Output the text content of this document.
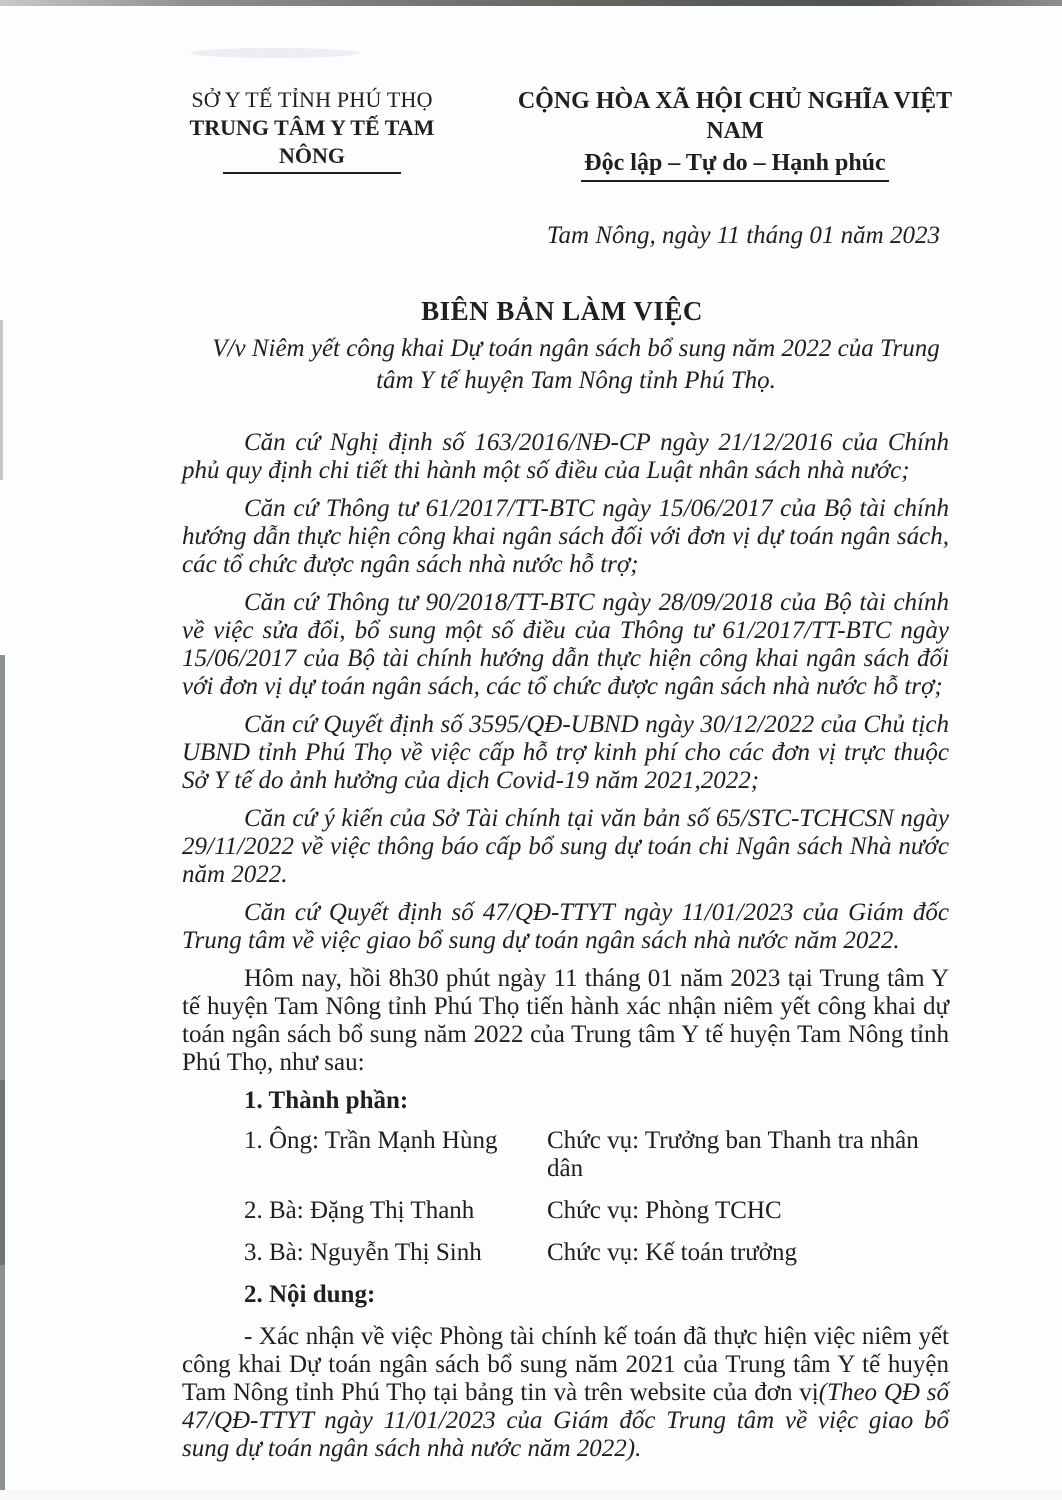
SỞ Y TẾ TỈNH PHÚ THỌ
TRUNG TÂM Y TẾ TAM NÔNG
CỘNG HÒA XÃ HỘI CHỦ NGHĨA VIỆT NAM
Độc lập – Tự do – Hạnh phúc
Tam Nông, ngày 11 tháng 01 năm 2023
BIÊN BẢN LÀM VIỆC
V/v Niêm yết công khai Dự toán ngân sách bổ sung năm 2022 của Trung tâm Y tế huyện Tam Nông tỉnh Phú Thọ.

Căn cứ Nghị định số 163/2016/NĐ-CP ngày 21/12/2016 của Chính phủ quy định chi tiết thi hành một số điều của Luật nhân sách nhà nước;

Căn cứ Thông tư 61/2017/TT-BTC ngày 15/06/2017 của Bộ tài chính hướng dẫn thực hiện công khai ngân sách đối với đơn vị dự toán ngân sách, các tổ chức được ngân sách nhà nước hỗ trợ;

Căn cứ Thông tư 90/2018/TT-BTC ngày 28/09/2018 của Bộ tài chính về việc sửa đổi, bổ sung một số điều của Thông tư 61/2017/TT-BTC ngày 15/06/2017 của Bộ tài chính hướng dẫn thực hiện công khai ngân sách đối với đơn vị dự toán ngân sách, các tổ chức được ngân sách nhà nước hỗ trợ;

Căn cứ Quyết định số 3595/QĐ-UBND ngày 30/12/2022 của Chủ tịch UBND tỉnh Phú Thọ về việc cấp hỗ trợ kinh phí cho các đơn vị trực thuộc Sở Y tế do ảnh hưởng của dịch Covid-19 năm 2021,2022;

Căn cứ ý kiến của Sở Tài chính tại văn bản số 65/STC-TCHCSN ngày 29/11/2022 về việc thông báo cấp bổ sung dự toán chi Ngân sách Nhà nước năm 2022.

Căn cứ Quyết định số 47/QĐ-TTYT ngày 11/01/2023 của Giám đốc Trung tâm về việc giao bổ sung dự toán ngân sách nhà nước năm 2022.

Hôm nay, hồi 8h30 phút ngày 11 tháng 01 năm 2023 tại Trung tâm Y tế huyện Tam Nông tỉnh Phú Thọ tiến hành xác nhận niêm yết công khai dự toán ngân sách bổ sung năm 2022 của Trung tâm Y tế huyện Tam Nông tỉnh Phú Thọ, như sau:

1. Thành phần:
1. Ông: Trần Mạnh Hùng	Chức vụ: Trưởng ban Thanh tra nhân dân
2. Bà: Đặng Thị Thanh	Chức vụ: Phòng TCHC
3. Bà: Nguyễn Thị Sinh	Chức vụ: Kế toán trưởng
2. Nội dung:

- Xác nhận về việc Phòng tài chính kế toán đã thực hiện việc niêm yết công khai Dự toán ngân sách bổ sung năm 2021 của Trung tâm Y tế huyện Tam Nông tỉnh Phú Thọ tại bảng tin và trên website của đơn vị(Theo QĐ số 47/QĐ-TTYT ngày 11/01/2023 của Giám đốc Trung tâm về việc giao bổ sung dự toán ngân sách nhà nước năm 2022).
